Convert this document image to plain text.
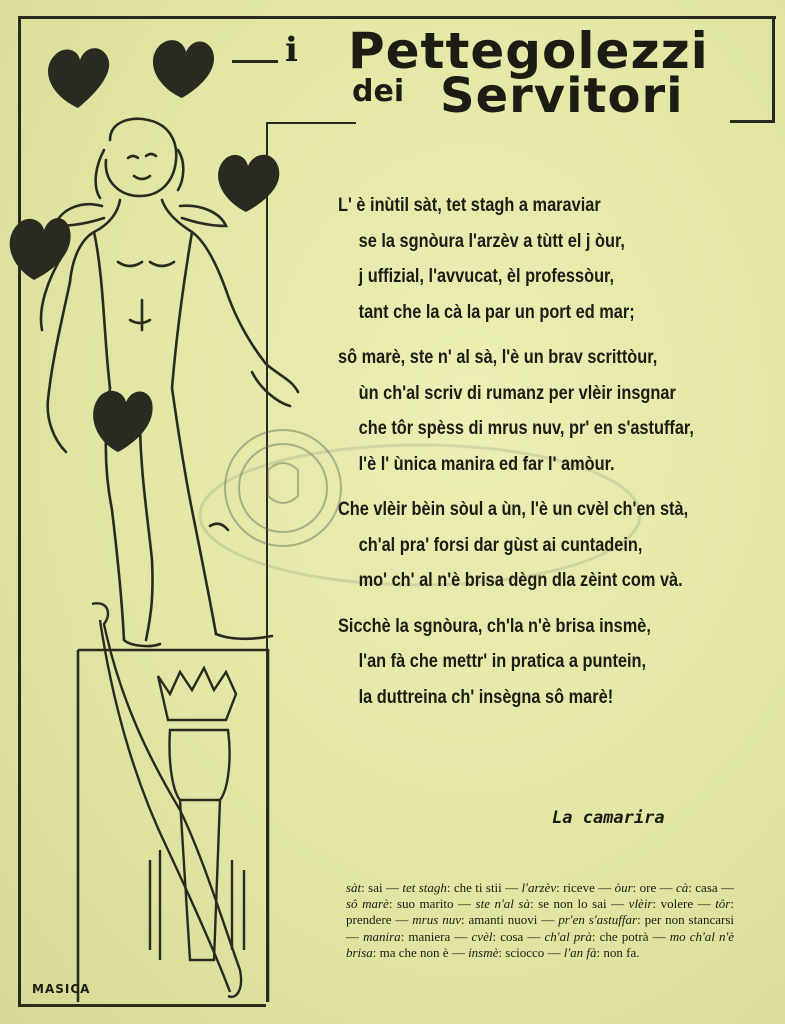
i Pettegolezzi
dei Servitori
L' è inùtil sàt, tet stagh a maraviar
se la sgnòura l'arzèv a tùtt el j òur,
j uffizial, l'avvucat, èl professòur,
tant che la cà la par un port ed mar;
sô marè, ste n' al sà, l'è un brav scrittòur,
ùn ch'al scriv di rumanz per vlèir insgnar
che tôr spèss di mrus nuv, pr' en s'astuffar,
l'è l' ùnica manira ed far l' amòur.
Che vlèir bèin sòul a ùn, l'è un cvèl ch'en stà,
ch'al pra' forsi dar gùst ai cuntadein,
mo' ch' al n'è brisa dègn dla zèint com và.
Sicchè la sgnòura, ch'la n'è brisa insmè,
l'an fà che mettr' in pratica a puntein,
la duttreina ch' insègna sô marè!
La camarira
sàt: sai — tet stagh: che ti stii — l'arzèv: riceve — òur: ore — cà: casa — sô marè: suo marito — ste n'al sà: se non lo sai — vlèir: volere — tôr: prendere — mrus nuv: amanti nuovi — pr'en s'astuffar: per non stancarsi — manira: maniera — cvèl: cosa — ch'al prà: che potrà — mo ch'al n'è brisa: ma che non è — insmè: sciocco — l'an fà: non fa.
MASICA
